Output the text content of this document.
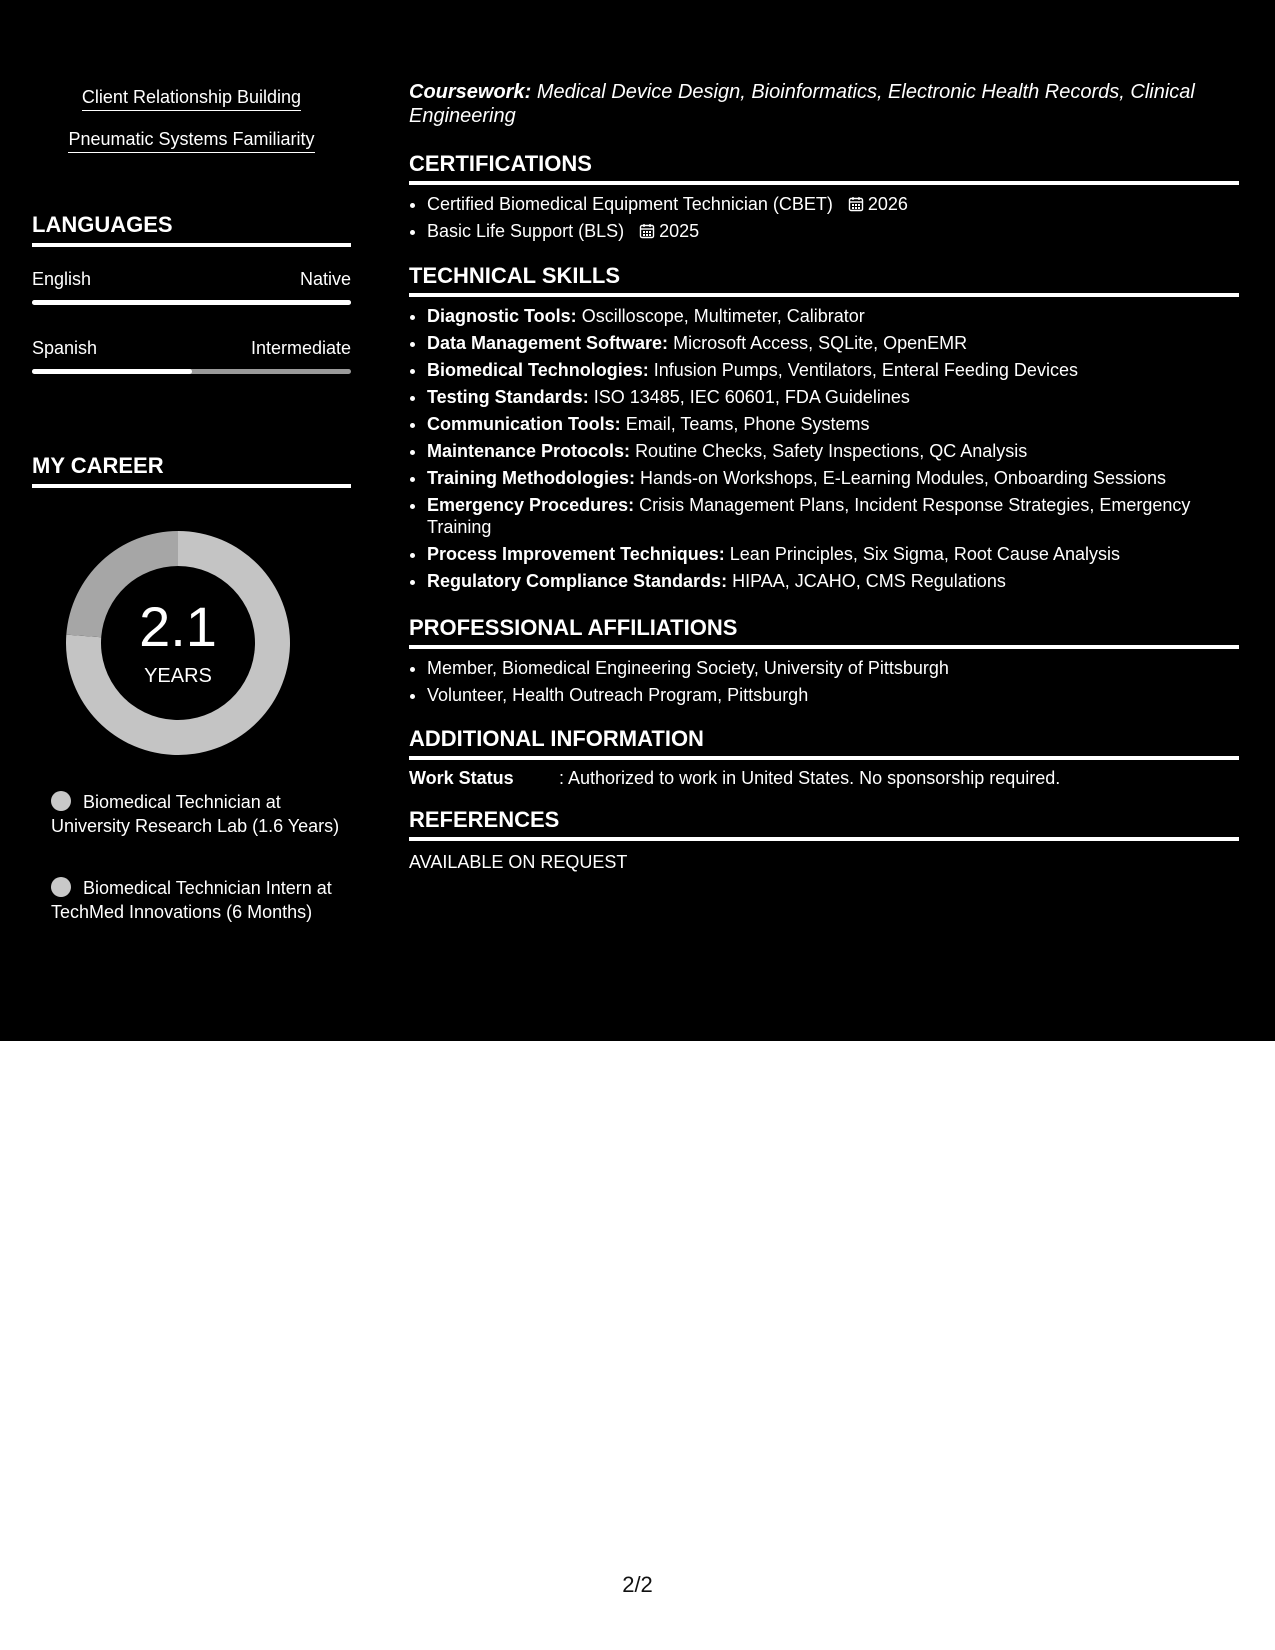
Client Relationship Building
Pneumatic Systems Familiarity
LANGUAGES
English	Native
Spanish	Intermediate
MY CAREER
2.1
YEARS
Biomedical Technician at University Research Lab (1.6 Years)
Biomedical Technician Intern at TechMed Innovations (6 Months)
Coursework: Medical Device Design, Bioinformatics, Electronic Health Records, Clinical Engineering
CERTIFICATIONS
• Certified Biomedical Equipment Technician (CBET) 2026
• Basic Life Support (BLS) 2025
TECHNICAL SKILLS
• Diagnostic Tools: Oscilloscope, Multimeter, Calibrator
• Data Management Software: Microsoft Access, SQLite, OpenEMR
• Biomedical Technologies: Infusion Pumps, Ventilators, Enteral Feeding Devices
• Testing Standards: ISO 13485, IEC 60601, FDA Guidelines
• Communication Tools: Email, Teams, Phone Systems
• Maintenance Protocols: Routine Checks, Safety Inspections, QC Analysis
• Training Methodologies: Hands-on Workshops, E-Learning Modules, Onboarding Sessions
• Emergency Procedures: Crisis Management Plans, Incident Response Strategies, Emergency Training
• Process Improvement Techniques: Lean Principles, Six Sigma, Root Cause Analysis
• Regulatory Compliance Standards: HIPAA, JCAHO, CMS Regulations
PROFESSIONAL AFFILIATIONS
• Member, Biomedical Engineering Society, University of Pittsburgh
• Volunteer, Health Outreach Program, Pittsburgh
ADDITIONAL INFORMATION
Work Status	: Authorized to work in United States. No sponsorship required.
REFERENCES
AVAILABLE ON REQUEST
2/2
